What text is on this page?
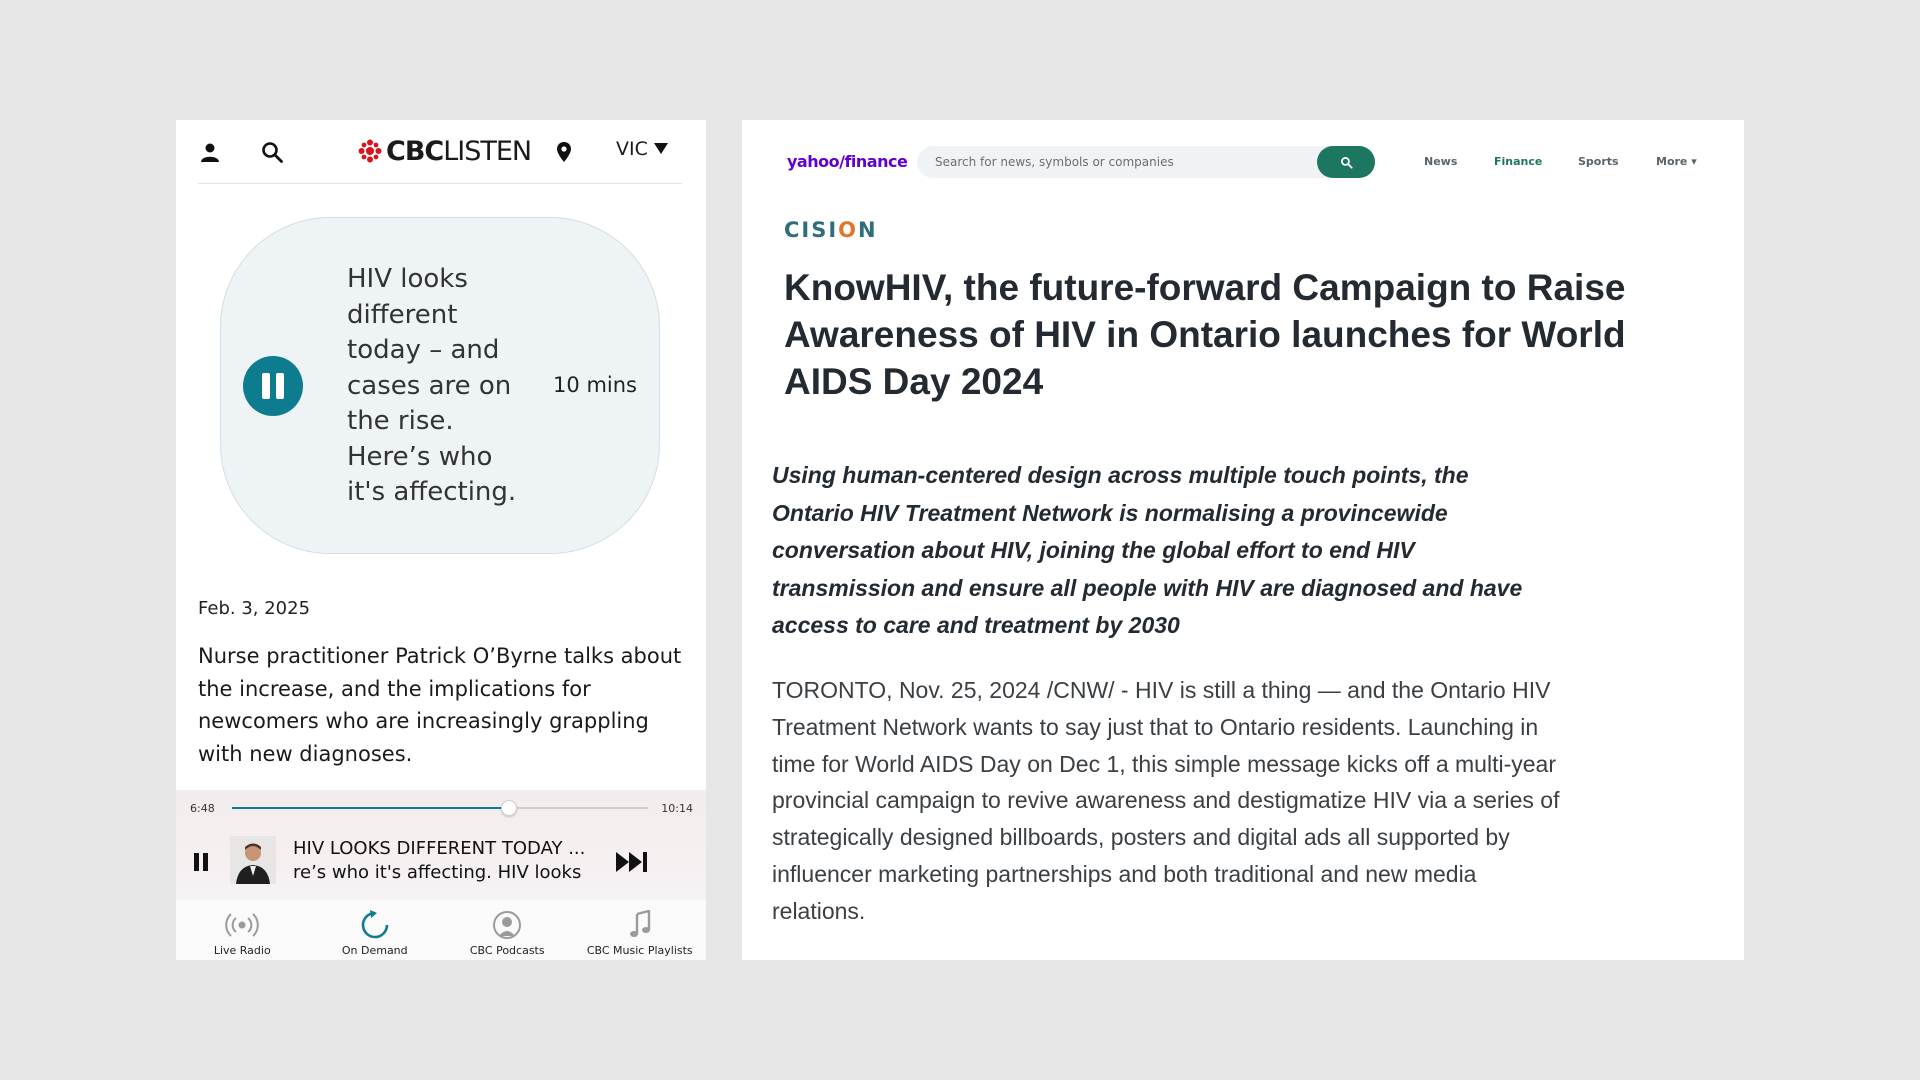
CBCLISTEN	VIC
HIV looks different today – and cases are on the rise. Here’s who it's affecting.
10 mins
Feb. 3, 2025
Nurse practitioner Patrick O’Byrne talks about the increase, and the implications for newcomers who are increasingly grappling with new diagnoses.
6:48	10:14
HIV LOOKS DIFFERENT TODAY ...
re’s who it's affecting. HIV looks
Live Radio	On Demand	CBC Podcasts	CBC Music Playlists
yahoo/finance
Search for news, symbols or companies	News	Finance	Sports	More ▾
CISION
KnowHIV, the future-forward Campaign to Raise Awareness of HIV in Ontario launches for World AIDS Day 2024

Using human-centered design across multiple touch points, the Ontario HIV Treatment Network is normalising a provincewide conversation about HIV, joining the global effort to end HIV transmission and ensure all people with HIV are diagnosed and have access to care and treatment by 2030

TORONTO, Nov. 25, 2024 /CNW/ - HIV is still a thing — and the Ontario HIV Treatment Network wants to say just that to Ontario residents. Launching in time for World AIDS Day on Dec 1, this simple message kicks off a multi-year provincial campaign to revive awareness and destigmatize HIV via a series of strategically designed billboards, posters and digital ads all supported by influencer marketing partnerships and both traditional and new media relations.
